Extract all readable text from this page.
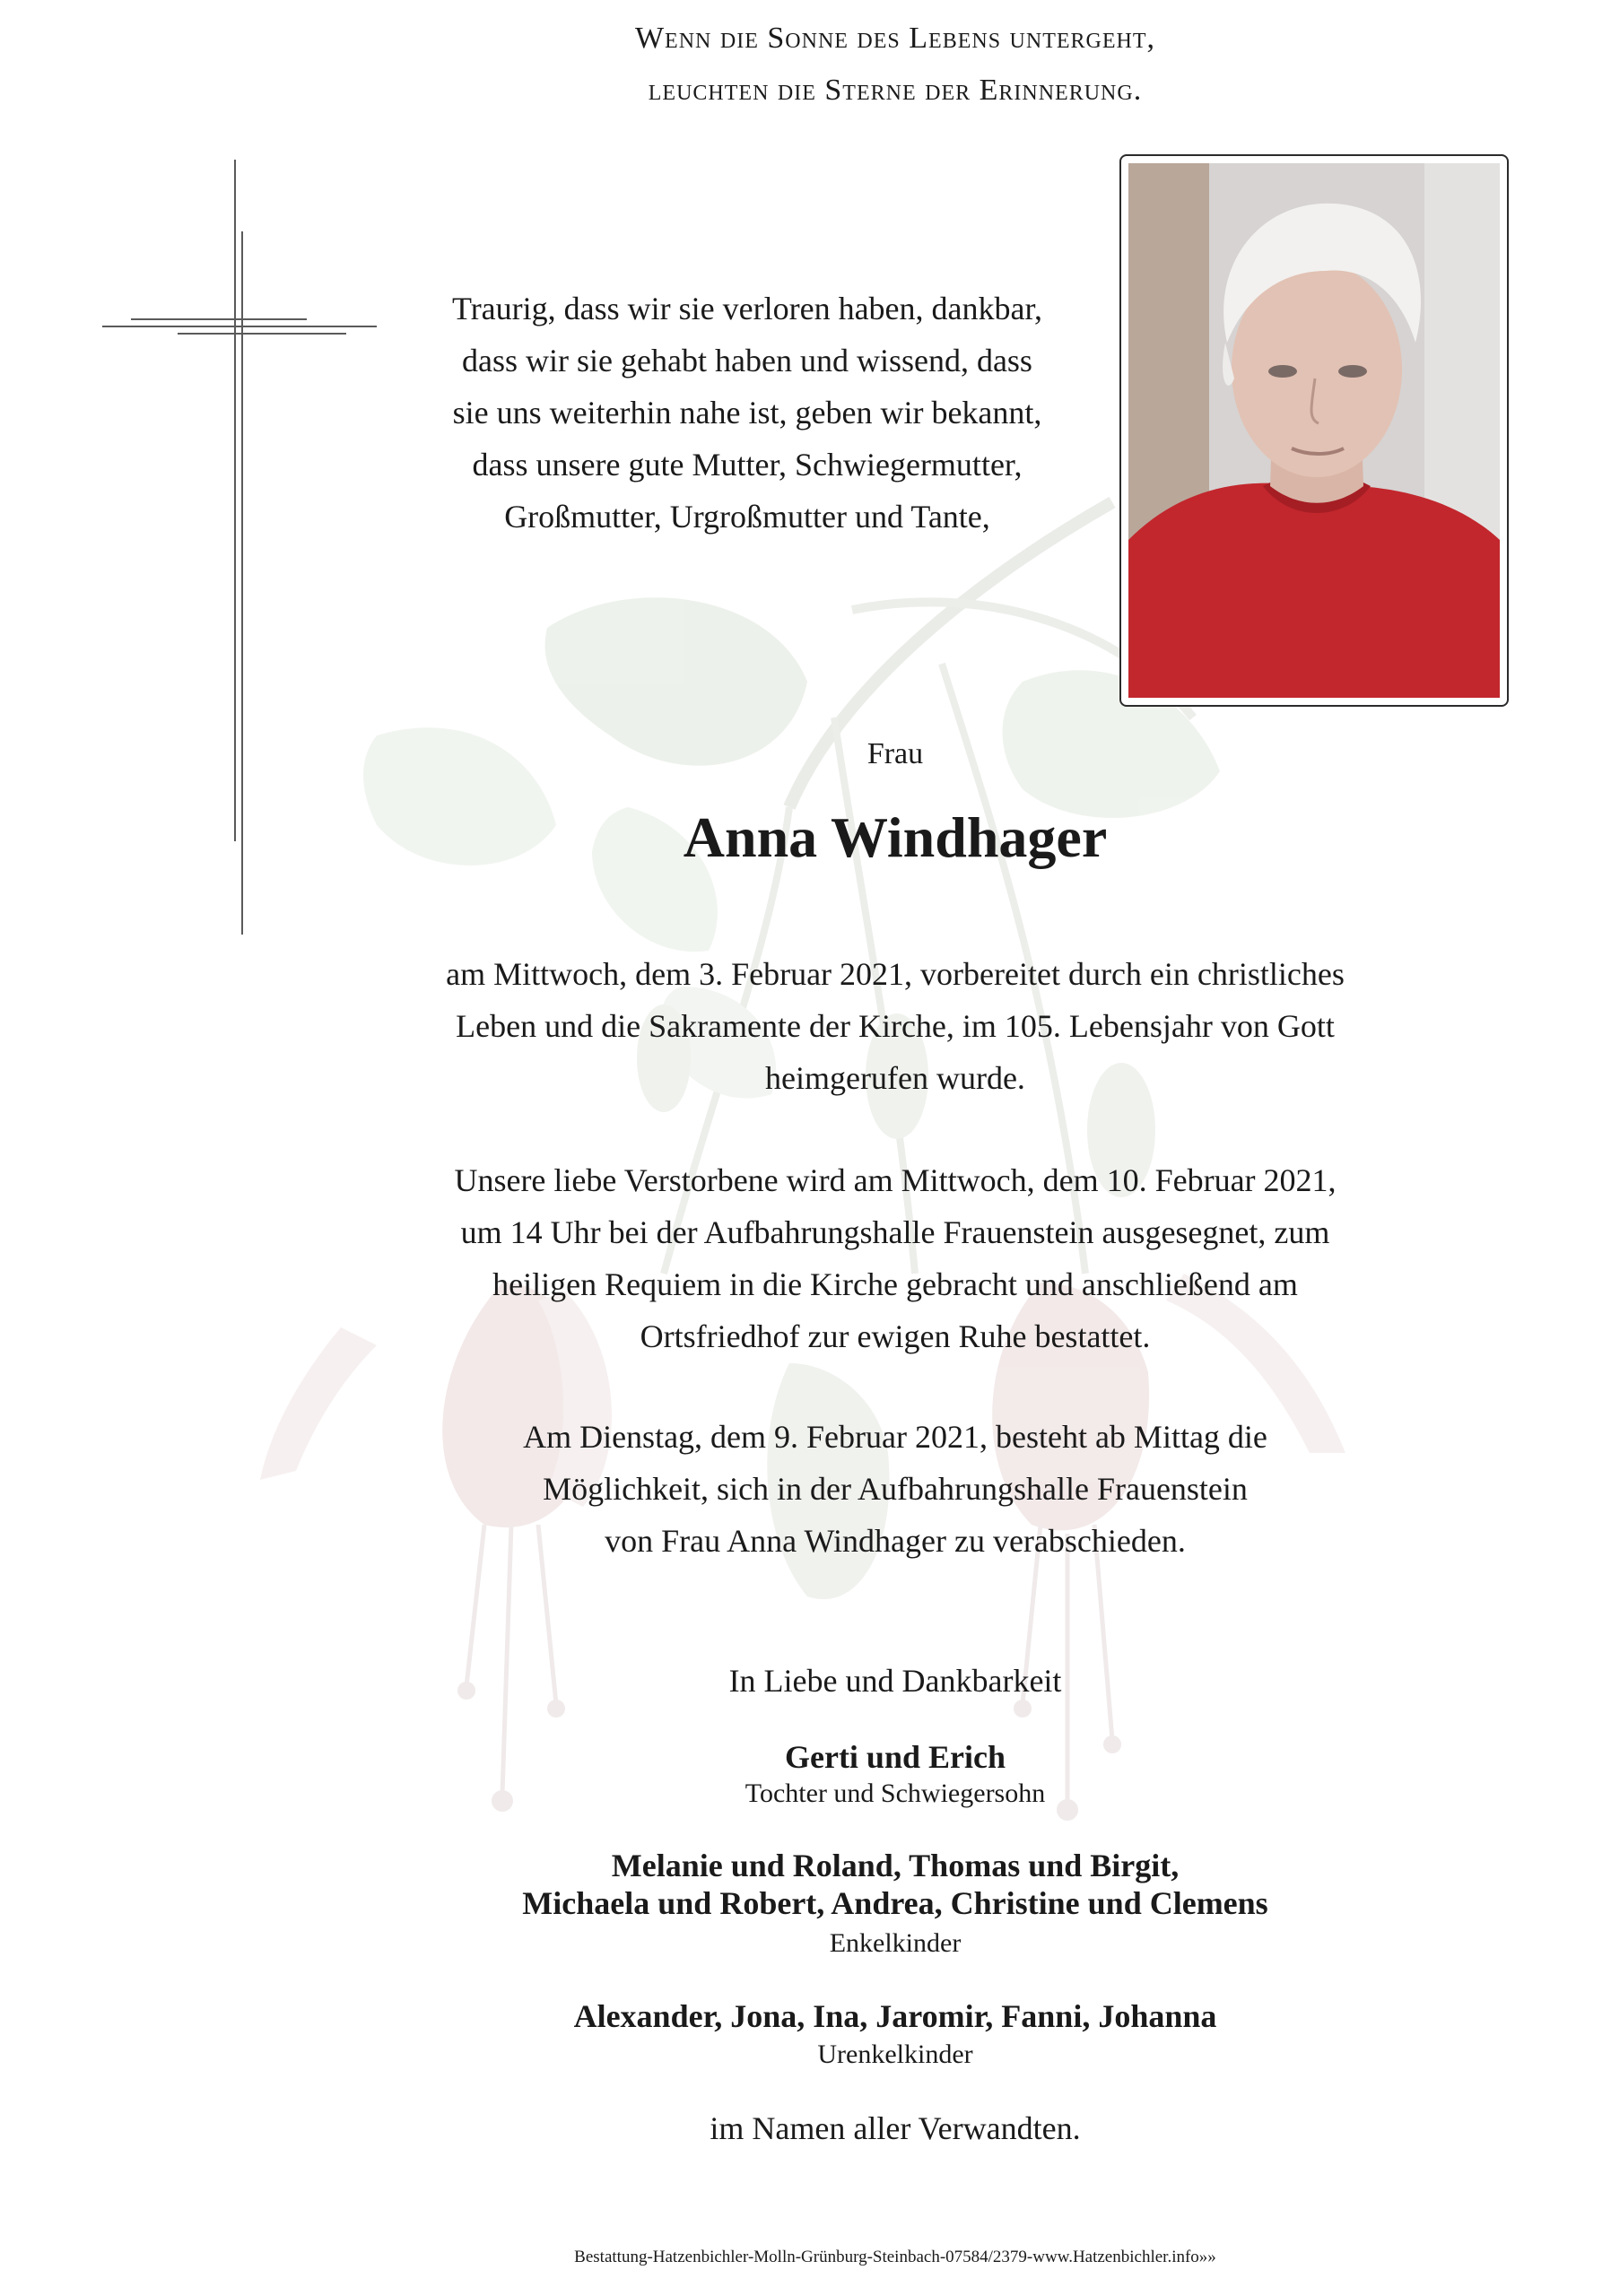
Wenn die Sonne des Lebens untergeht,
leuchten die Sterne der Erinnerung.
Traurig, dass wir sie verloren haben, dankbar,
dass wir sie gehabt haben und wissend, dass
sie uns weiterhin nahe ist, geben wir bekannt,
dass unsere gute Mutter, Schwiegermutter,
Großmutter, Urgroßmutter und Tante,
Frau
Anna Windhager
am Mittwoch, dem 3. Februar 2021, vorbereitet durch ein christliches
Leben und die Sakramente der Kirche, im 105. Lebensjahr von Gott
heimgerufen wurde.
Unsere liebe Verstorbene wird am Mittwoch, dem 10. Februar 2021,
um 14 Uhr bei der Aufbahrungshalle Frauenstein ausgesegnet, zum
heiligen Requiem in die Kirche gebracht und anschließend am
Ortsfriedhof zur ewigen Ruhe bestattet.
Am Dienstag, dem 9. Februar 2021, besteht ab Mittag die
Möglichkeit, sich in der Aufbahrungshalle Frauenstein
von Frau Anna Windhager zu verabschieden.
In Liebe und Dankbarkeit
Gerti und Erich
Tochter und Schwiegersohn
Melanie und Roland, Thomas und Birgit,
Michaela und Robert, Andrea, Christine und Clemens
Enkelkinder
Alexander, Jona, Ina, Jaromir, Fanni, Johanna
Urenkelkinder
im Namen aller Verwandten.
Bestattung-Hatzenbichler-Molln-Grünburg-Steinbach-07584/2379-www.Hatzenbichler.info»»
